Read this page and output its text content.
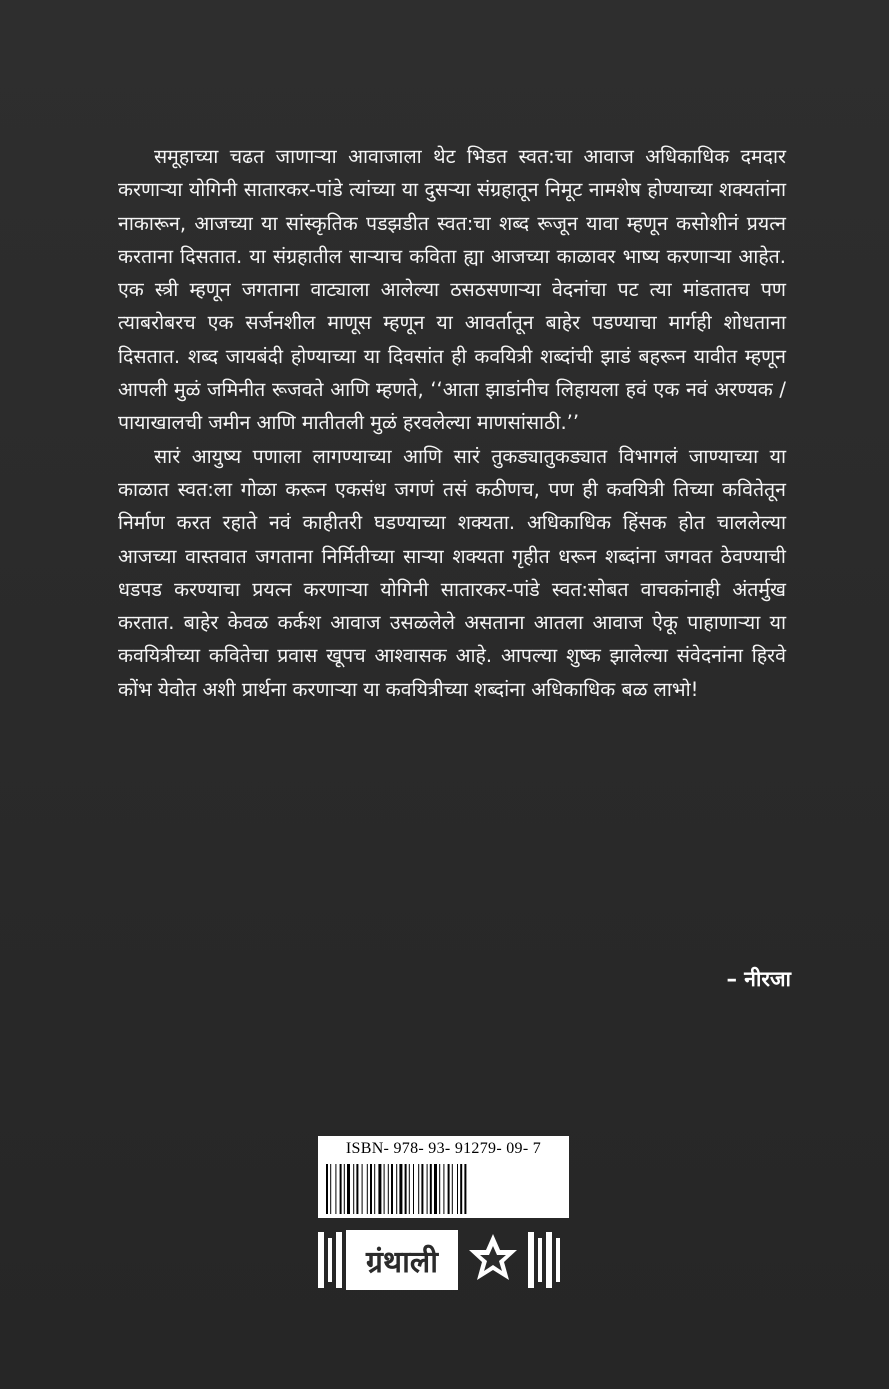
समूहाच्या चढत जाणाऱ्या आवाजाला थेट भिडत स्वत:चा आवाज अधिकाधिक दमदार करणाऱ्या योगिनी सातारकर-पांडे त्यांच्या या दुसऱ्या संग्रहातून निमूट नामशेष होण्याच्या शक्यतांना नाकारून, आजच्या या सांस्कृतिक पडझडीत स्वत:चा शब्द रूजून यावा म्हणून कसोशीनं प्रयत्न करताना दिसतात. या संग्रहातील साऱ्याच कविता ह्या आजच्या काळावर भाष्य करणाऱ्या आहेत. एक स्त्री म्हणून जगताना वाट्याला आलेल्या ठसठसणाऱ्या वेदनांचा पट त्या मांडतातच पण त्याबरोबरच एक सर्जनशील माणूस म्हणून या आवर्तातून बाहेर पडण्याचा मार्गही शोधताना दिसतात. शब्द जायबंदी होण्याच्या या दिवसांत ही कवयित्री शब्दांची झाडं बहरून यावीत म्हणून आपली मुळं जमिनीत रूजवते आणि म्हणते, ‘‘आता झाडांनीच लिहायला हवं एक नवं अरण्यक / पायाखालची जमीन आणि मातीतली मुळं हरवलेल्या माणसांसाठी.’’

सारं आयुष्य पणाला लागण्याच्या आणि सारं तुकड्यातुकड्यात विभागलं जाण्याच्या या काळात स्वत:ला गोळा करून एकसंध जगणं तसं कठीणच, पण ही कवयित्री तिच्या कवितेतून निर्माण करत रहाते नवं काहीतरी घडण्याच्या शक्यता. अधिकाधिक हिंसक होत चाललेल्या आजच्या वास्तवात जगताना निर्मितीच्या साऱ्या शक्यता गृहीत धरून शब्दांना जगवत ठेवण्याची धडपड करण्याचा प्रयत्न करणाऱ्या योगिनी सातारकर-पांडे स्वत:सोबत वाचकांनाही अंतर्मुख करतात. बाहेर केवळ कर्कश आवाज उसळलेले असताना आतला आवाज ऐकू पाहाणाऱ्या या कवयित्रीच्या कवितेचा प्रवास खूपच आश्वासक आहे. आपल्या शुष्क झालेल्या संवेदनांना हिरवे कोंभ येवोत अशी प्रार्थना करणाऱ्या या कवयित्रीच्या शब्दांना अधिकाधिक बळ लाभो!

– नीरजा
ISBN- 978- 93- 91279- 09- 7
ग्रंथाली
